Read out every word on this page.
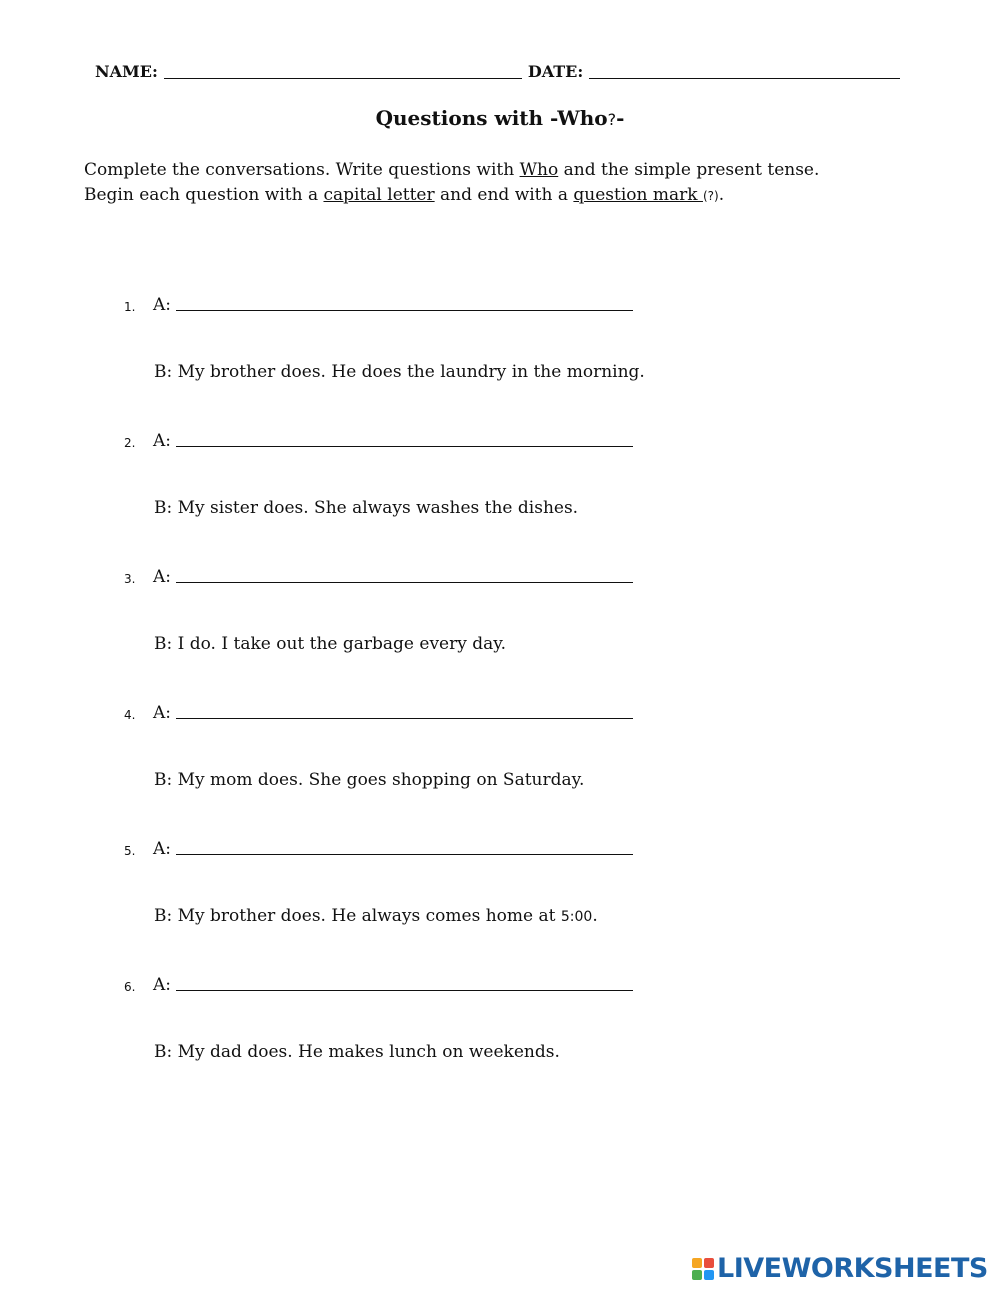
NAME:	DATE:
Questions with -Who?-
Complete the conversations. Write questions with Who and the simple present tense.
Begin each question with a capital letter and end with a question mark (?).
1. A:
B: My brother does. He does the laundry in the morning.
2. A:
B: My sister does. She always washes the dishes.
3. A:
B: I do. I take out the garbage every day.
4. A:
B: My mom does. She goes shopping on Saturday.
5. A:
B: My brother does. He always comes home at 5:00.
6. A:
B: My dad does. He makes lunch on weekends.
LIVEWORKSHEETS
